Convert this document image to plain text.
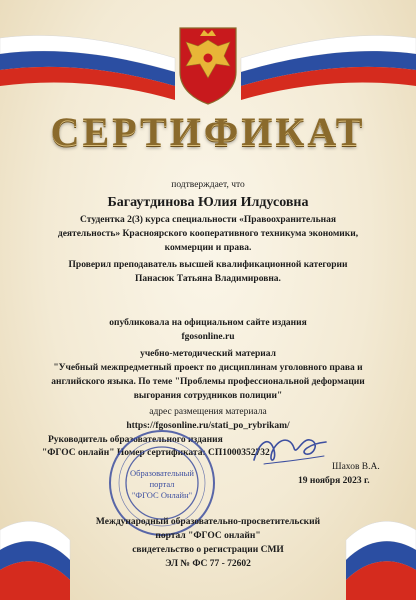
СЕРТИФИКАТ
подтверждает, что
Багаутдинова Юлия Илдусовна
Студентка 2(3) курса специальности «Правоохранительная
деятельность» Красноярского кооперативного техникума экономики,
коммерции и права.
Проверил преподаватель высшей квалификационной категории
Панасюк Татьяна Владимировна.
опубликовала на официальном сайте издания
fgosonline.ru
учебно-методический материал
"Учебный межпредметный проект по дисциплинам уголовного права и
английского языка. По теме "Проблемы профессиональной деформации
выгорания сотрудников полиции"
адрес размещения материала
https://fgosonline.ru/stati_po_rybrikam/
Руководитель образовательного издания
"ФГОС онлайн" Номер сертификата: СП1000352732
Образовательный
портал
"ФГОС Онлайн"
Шахов В.А.
19 ноября 2023 г.
Международный образовательно-просветительский
портал "ФГОС онлайн"
свидетельство о регистрации СМИ
ЭЛ № ФС 77 - 72602
